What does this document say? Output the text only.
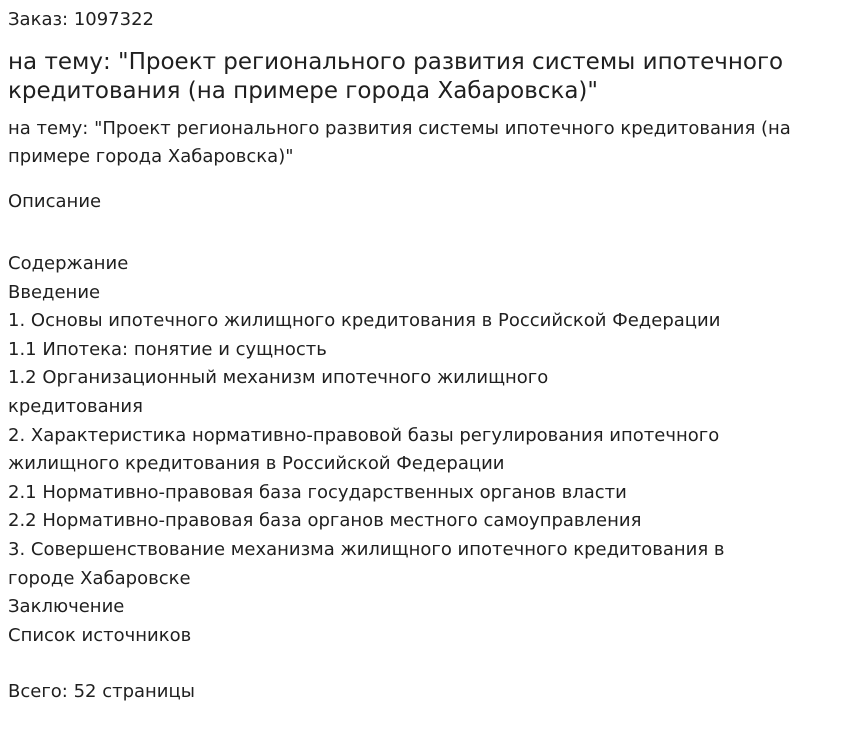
Заказ: 1097322

на тему: "Проект регионального развития системы ипотечного кредитования (на примере города Хабаровска)"

на тему: "Проект регионального развития системы ипотечного кредитования (на примере города Хабаровска)"

Описание

Содержание
Введение
1. Основы ипотечного жилищного кредитования в Российской Федерации
1.1 Ипотека: понятие и сущность
1.2 Организационный механизм ипотечного жилищного кредитования
2. Характеристика нормативно-правовой базы регулирования ипотечного жилищного кредитования в Российской Федерации
2.1 Нормативно-правовая база государственных органов власти
2.2 Нормативно-правовая база органов местного самоуправления
3. Совершенствование механизма жилищного ипотечного кредитования в городе Хабаровске
Заключение
Список источников

Всего: 52 страницы
